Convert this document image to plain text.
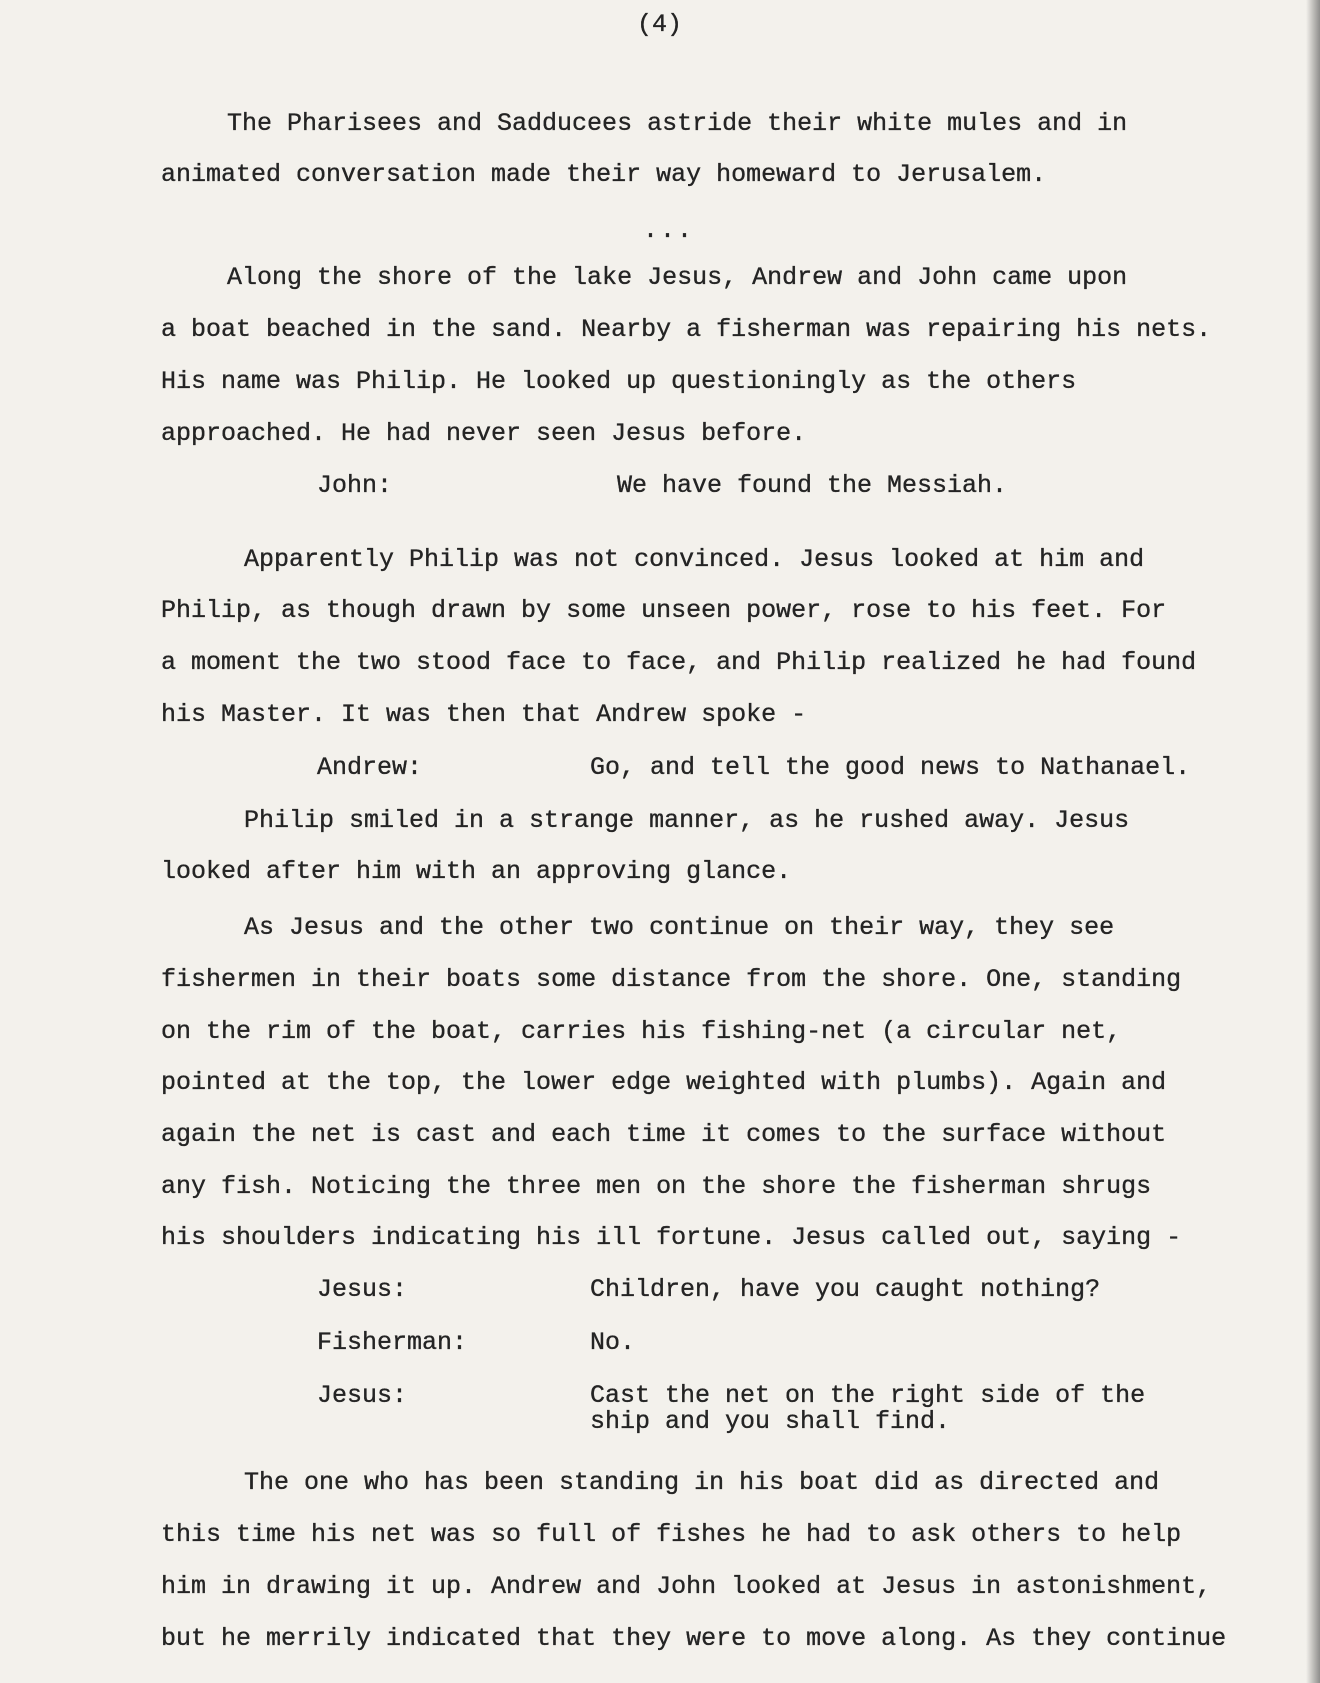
(4)
The Pharisees and Sadducees astride their white mules and in
animated conversation made their way homeward to Jerusalem.
...
Along the shore of the lake Jesus, Andrew and John came upon
a boat beached in the sand. Nearby a fisherman was repairing his nets.
His name was Philip. He looked up questioningly as the others
approached. He had never seen Jesus before.
John:	We have found the Messiah.
Apparently Philip was not convinced. Jesus looked at him and
Philip, as though drawn by some unseen power, rose to his feet. For
a moment the two stood face to face, and Philip realized he had found
his Master. It was then that Andrew spoke -
Andrew:	Go, and tell the good news to Nathanael.
Philip smiled in a strange manner, as he rushed away. Jesus
looked after him with an approving glance.
As Jesus and the other two continue on their way, they see
fishermen in their boats some distance from the shore. One, standing
on the rim of the boat, carries his fishing-net (a circular net,
pointed at the top, the lower edge weighted with plumbs). Again and
again the net is cast and each time it comes to the surface without
any fish. Noticing the three men on the shore the fisherman shrugs
his shoulders indicating his ill fortune. Jesus called out, saying -
Jesus:	Children, have you caught nothing?
Fisherman:	No.
Jesus:	Cast the net on the right side of the
ship and you shall find.
The one who has been standing in his boat did as directed and
this time his net was so full of fishes he had to ask others to help
him in drawing it up. Andrew and John looked at Jesus in astonishment,
but he merrily indicated that they were to move along. As they continue
